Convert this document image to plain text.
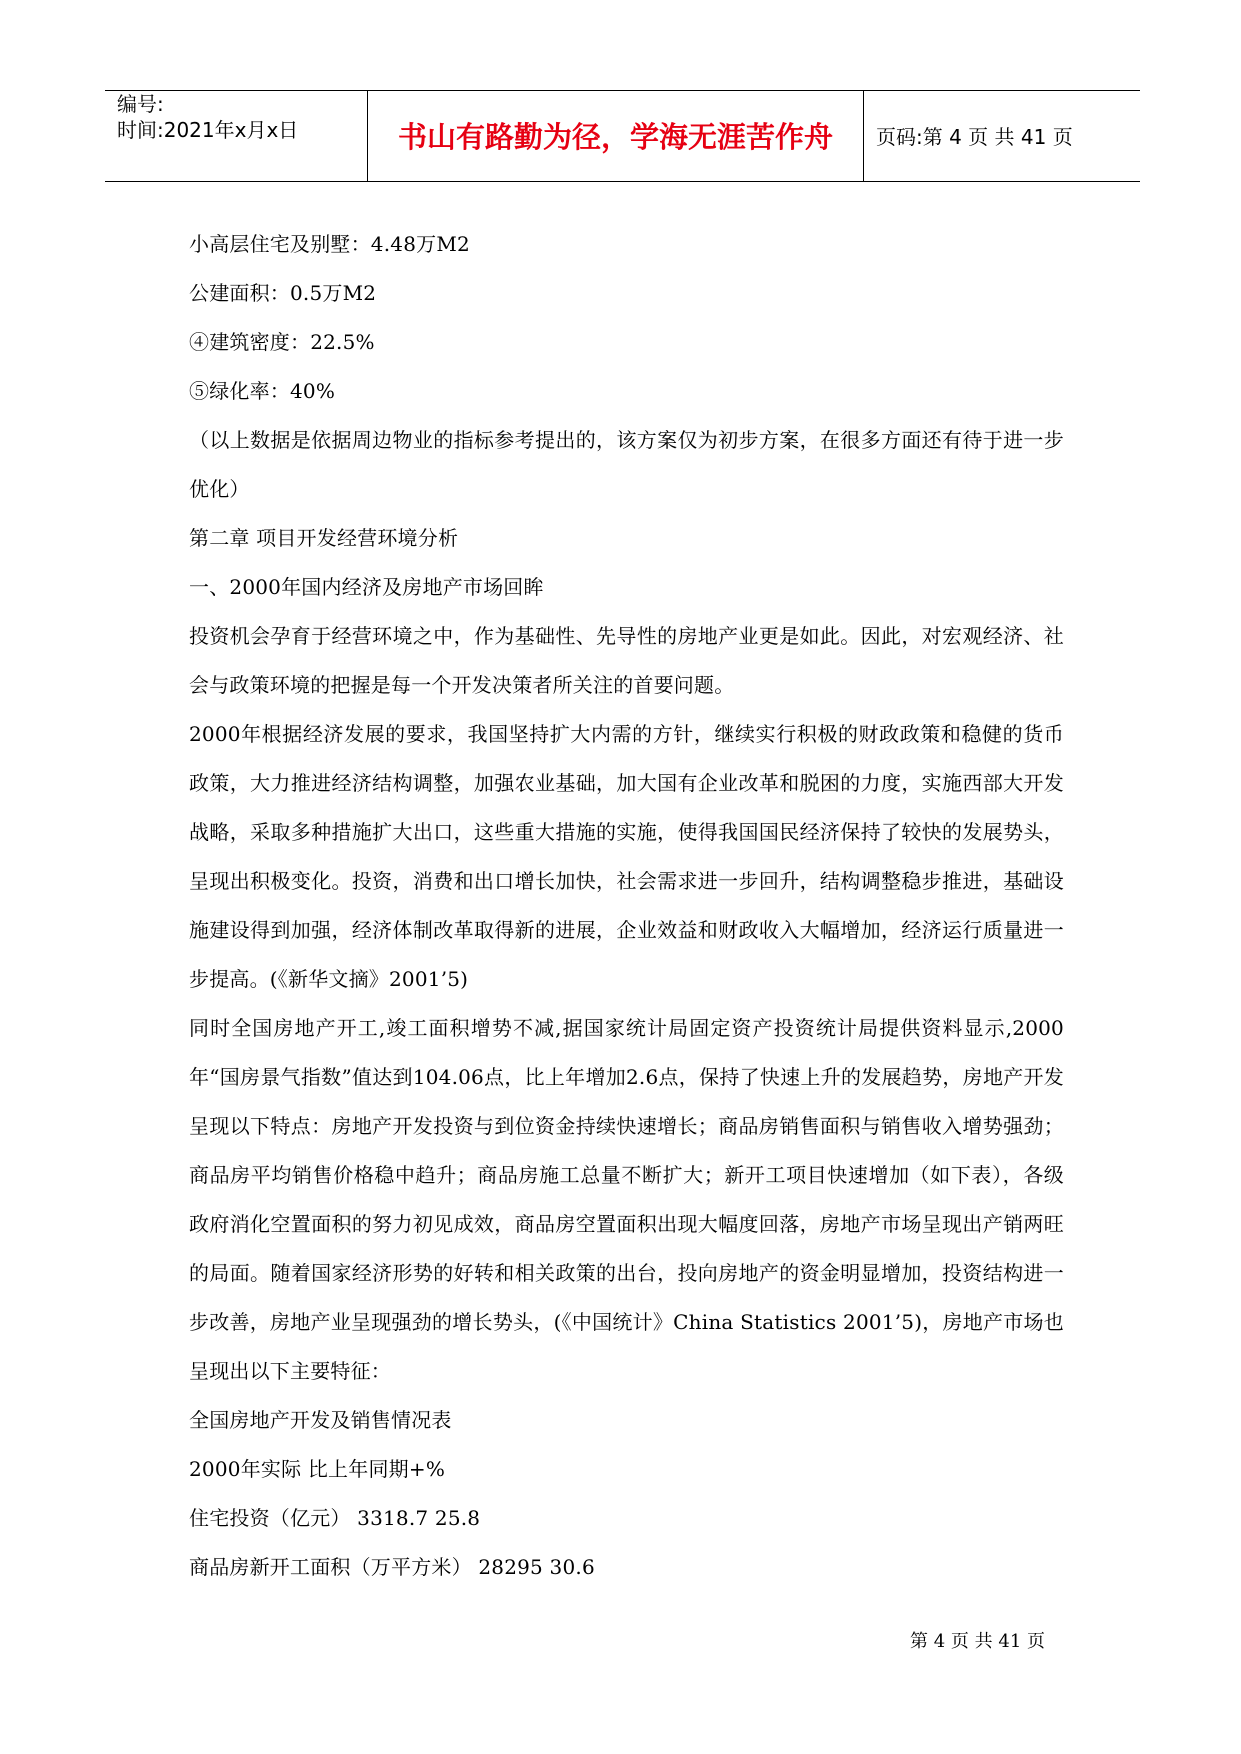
编号:
时间:2021年x月x日	书山有路勤为径，学海无涯苦作舟	页码:第 4 页 共 41 页

小高层住宅及别墅：4.48万M2

公建面积：0.5万M2

④建筑密度：22.5%

⑤绿化率：40%

（以上数据是依据周边物业的指标参考提出的，该方案仅为初步方案，在很多方面还有待于进一步优化）

第二章 项目开发经营环境分析

一、2000年国内经济及房地产市场回眸

投资机会孕育于经营环境之中，作为基础性、先导性的房地产业更是如此。因此，对宏观经济、社会与政策环境的把握是每一个开发决策者所关注的首要问题。

2000年根据经济发展的要求，我国坚持扩大内需的方针，继续实行积极的财政政策和稳健的货币政策，大力推进经济结构调整，加强农业基础，加大国有企业改革和脱困的力度，实施西部大开发战略，采取多种措施扩大出口，这些重大措施的实施，使得我国国民经济保持了较快的发展势头，呈现出积极变化。投资，消费和出口增长加快，社会需求进一步回升，结构调整稳步推进，基础设施建设得到加强，经济体制改革取得新的进展，企业效益和财政收入大幅增加，经济运行质量进一步提高。(《新华文摘》2001’5)

同时全国房地产开工,竣工面积增势不减,据国家统计局固定资产投资统计局提供资料显示,2000年“国房景气指数”值达到104.06点，比上年增加2.6点，保持了快速上升的发展趋势，房地产开发呈现以下特点：房地产开发投资与到位资金持续快速增长；商品房销售面积与销售收入增势强劲；商品房平均销售价格稳中趋升；商品房施工总量不断扩大；新开工项目快速增加（如下表），各级政府消化空置面积的努力初见成效，商品房空置面积出现大幅度回落，房地产市场呈现出产销两旺的局面。随着国家经济形势的好转和相关政策的出台，投向房地产的资金明显增加，投资结构进一步改善，房地产业呈现强劲的增长势头，(《中国统计》China Statistics 2001’5)，房地产市场也呈现出以下主要特征：

全国房地产开发及销售情况表

2000年实际 比上年同期+%

住宅投资（亿元） 3318.7 25.8

商品房新开工面积（万平方米） 28295 30.6

第 4 页 共 41 页
